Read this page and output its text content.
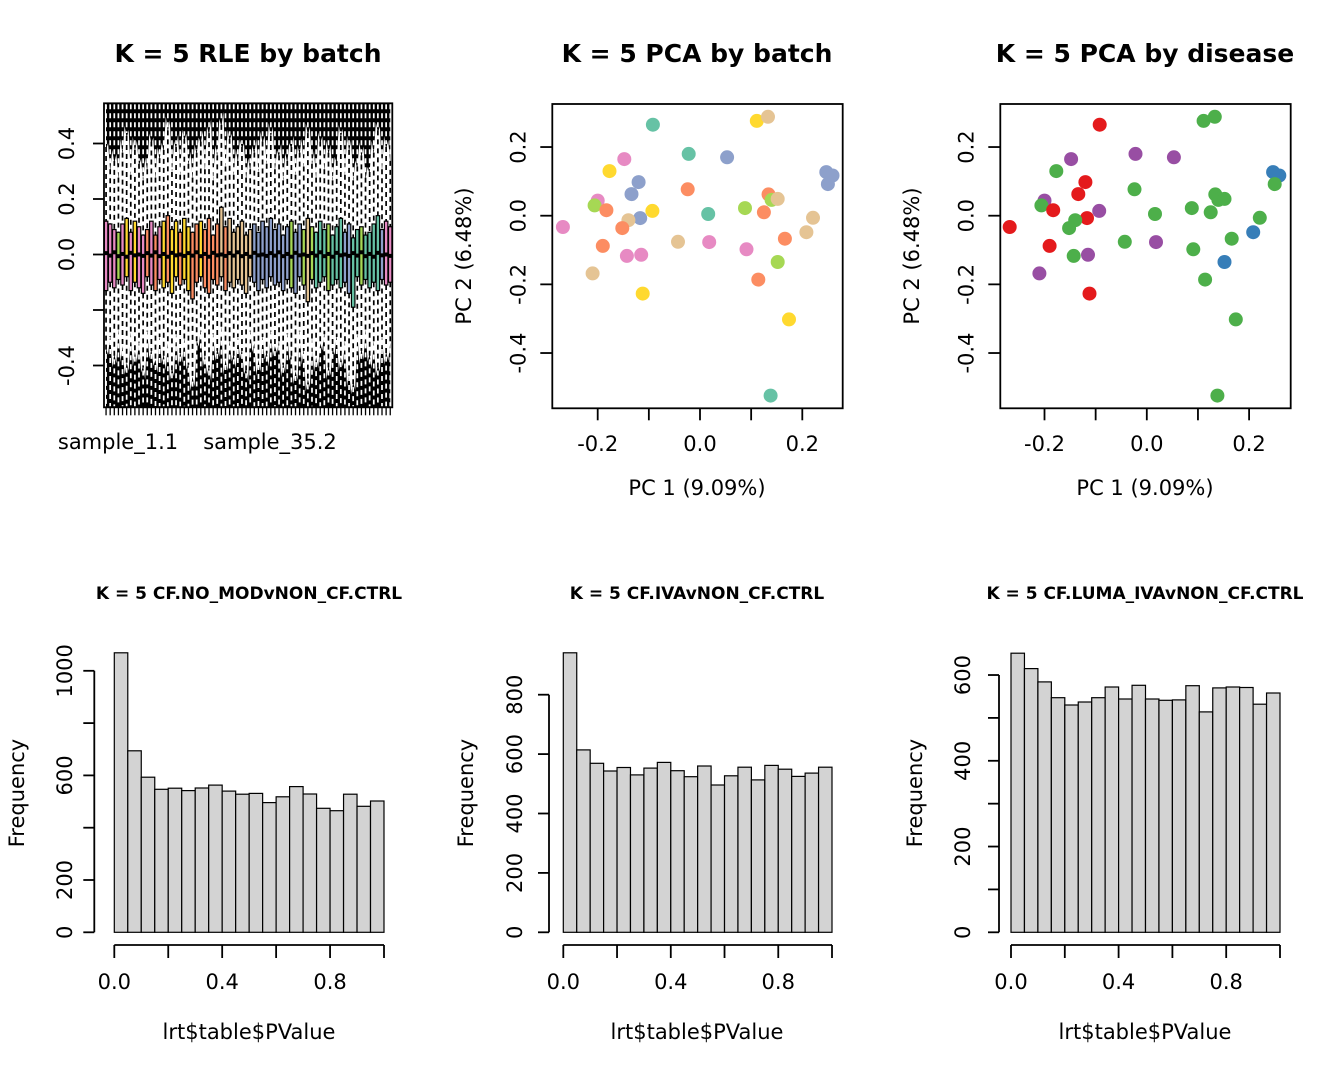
0.4
0.2
0.0
-0.4
-0.2	0.0	0.2
0.2
0.0
-0.2
-0.4
-0.2	0.0	0.2
0.2
0.0
-0.2
-0.4
0
200
600
1000
0.0	0.4	0.8
0
200
400
600
800
0.0	0.4	0.8
0
200
400
600
0.0	0.4	0.8
K = 5 RLE by batch	K = 5 PCA by batch	K = 5 PCA by disease
sample_1.1 sample_35.2
PC 1 (9.09%)	PC 1 (9.09%)
PC 2 (6.48%)	PC 2 (6.48%)
K = 5 CF.NO_MODvNON_CF.CTRL	K = 5 CF.IVAvNON_CF.CTRL	K = 5 CF.LUMA_IVAvNON_CF.CTRL
lrt$table$PValue	lrt$table$PValue	lrt$table$PValue
Frequency	Frequency	Frequency
